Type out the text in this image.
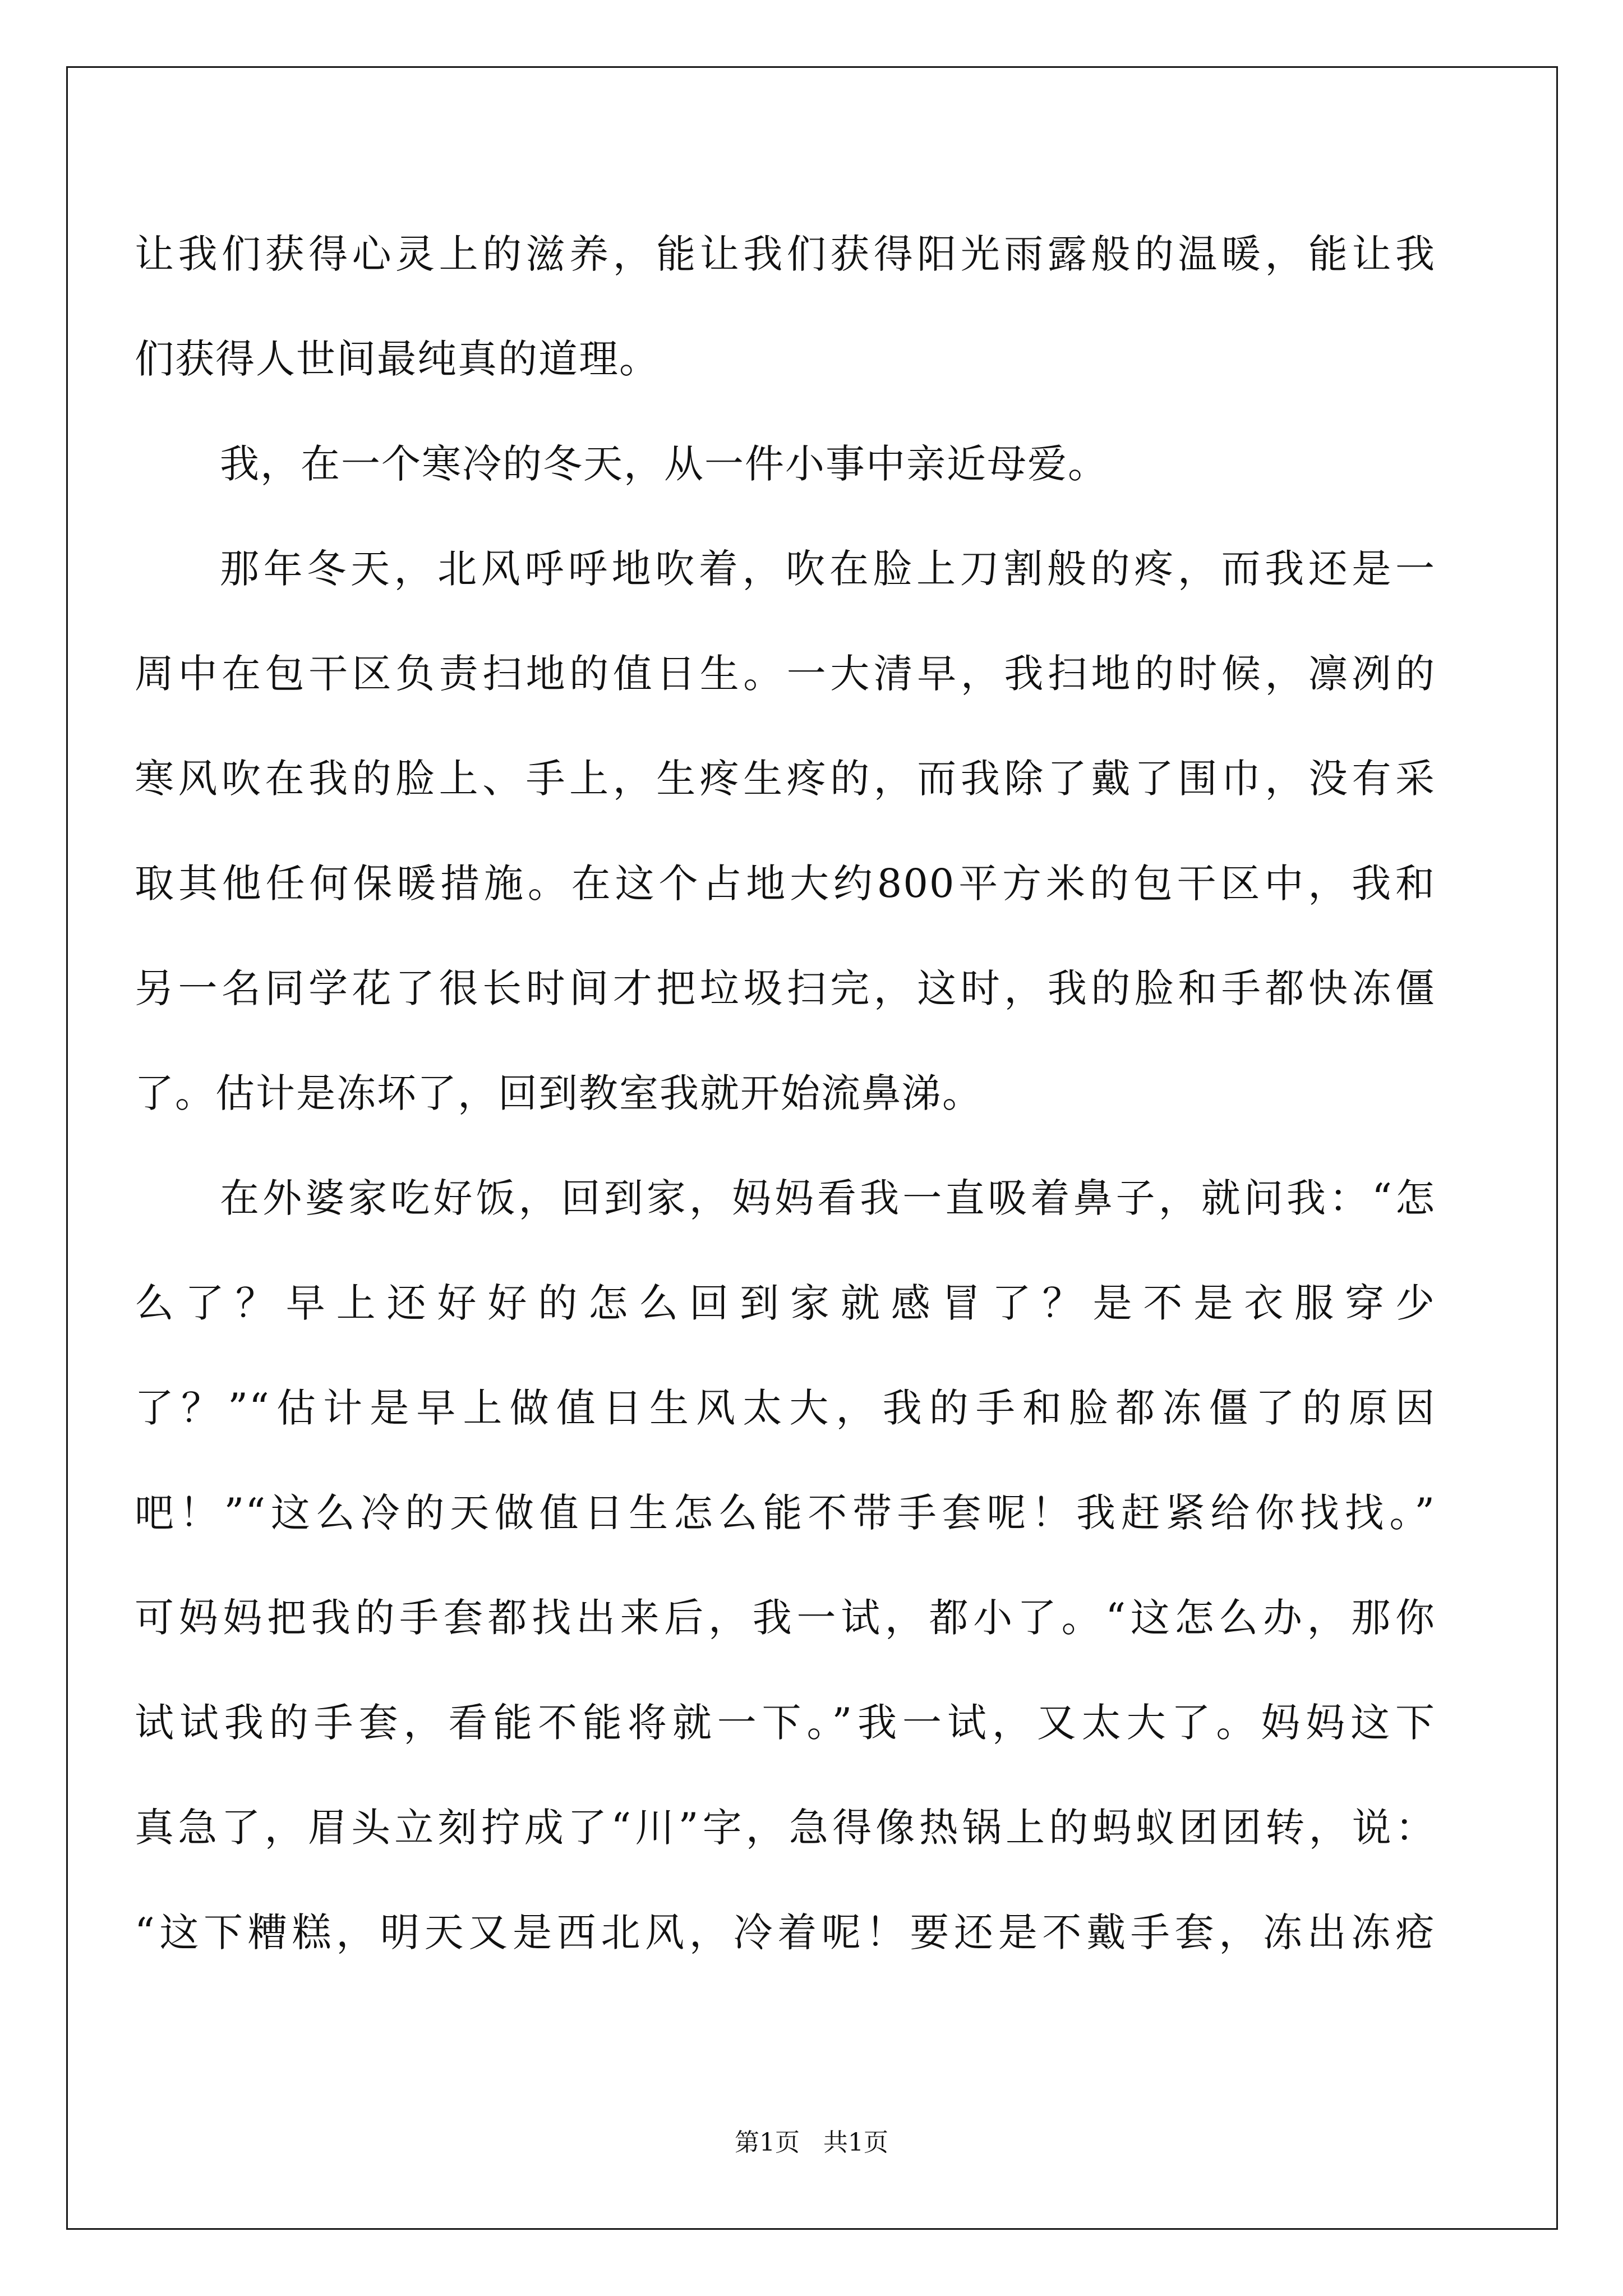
让我们获得心灵上的滋养，能让我们获得阳光雨露般的温暖，能让我
们获得人世间最纯真的道理。
我，在一个寒冷的冬天，从一件小事中亲近母爱。
那年冬天，北风呼呼地吹着，吹在脸上刀割般的疼，而我还是一
周中在包干区负责扫地的值日生。一大清早，我扫地的时候，凛冽的
寒风吹在我的脸上、手上，生疼生疼的，而我除了戴了围巾，没有采
取其他任何保暖措施。在这个占地大约800平方米的包干区中，我和
另一名同学花了很长时间才把垃圾扫完，这时，我的脸和手都快冻僵
了。估计是冻坏了，回到教室我就开始流鼻涕。
在外婆家吃好饭，回到家，妈妈看我一直吸着鼻子，就问我：“怎
么了？早上还好好的怎么回到家就感冒了？是不是衣服穿少
了？”“估计是早上做值日生风太大，我的手和脸都冻僵了的原因
吧！”“这么冷的天做值日生怎么能不带手套呢！我赶紧给你找找。”
可妈妈把我的手套都找出来后，我一试，都小了。“这怎么办，那你
试试我的手套，看能不能将就一下。”我一试，又太大了。妈妈这下
真急了，眉头立刻拧成了“川”字，急得像热锅上的蚂蚁团团转，说：
“这下糟糕，明天又是西北风，冷着呢！要还是不戴手套，冻出冻疮
第1页 共1页
